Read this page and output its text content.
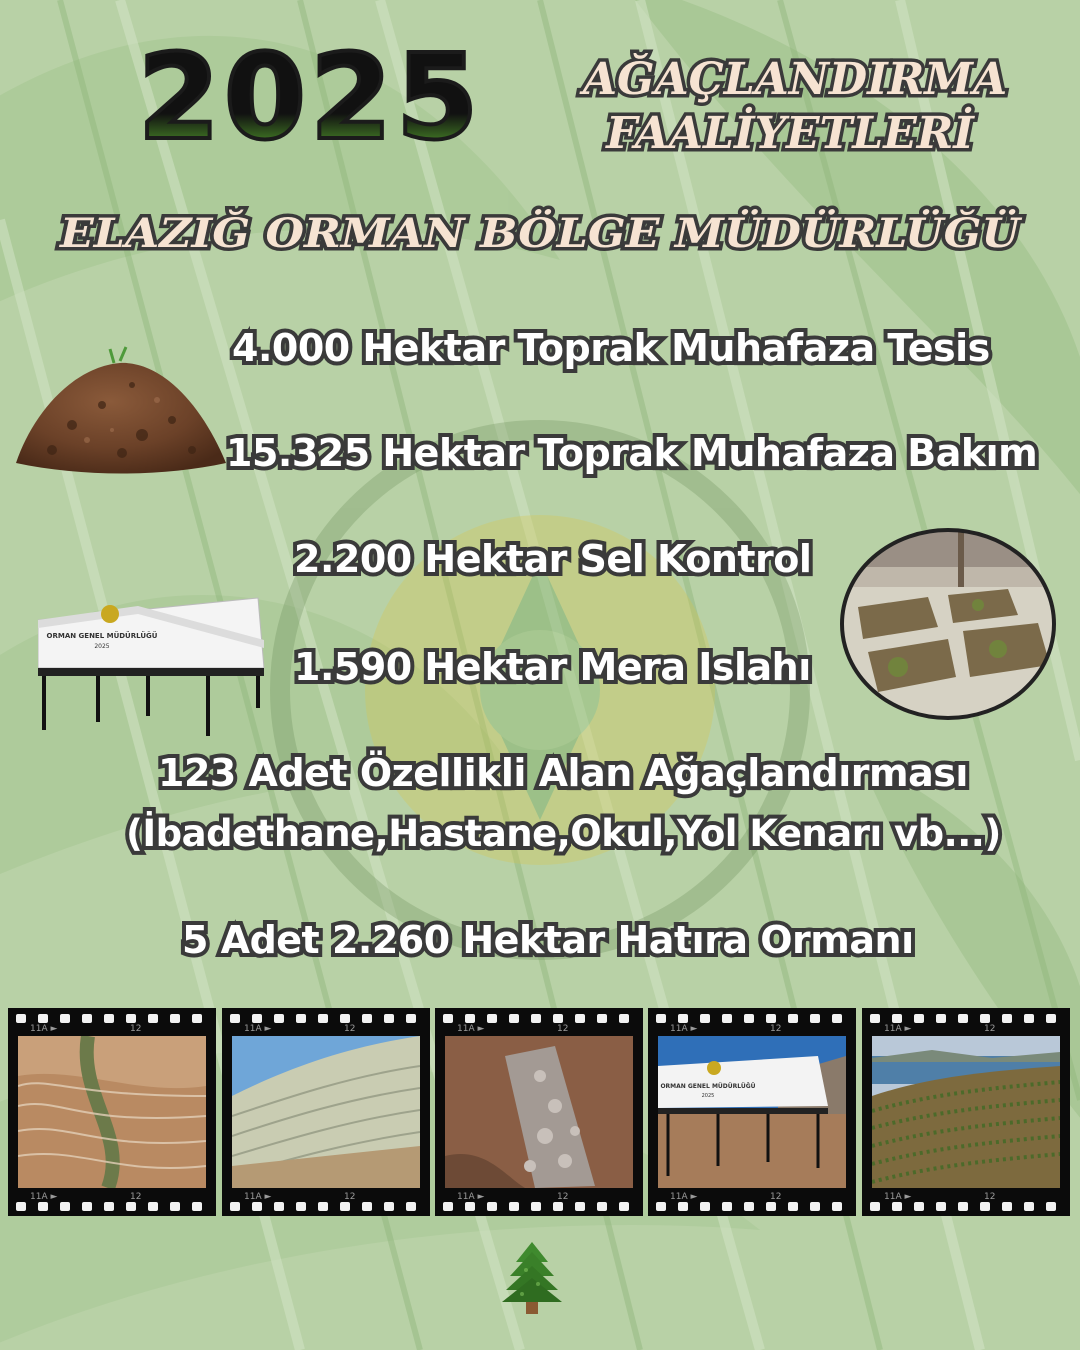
2025 AĞAÇLANDIRMA
FAALİYETLERİ
ELAZIĞ ORMAN BÖLGE MÜDÜRLÜĞÜ
4.000 Hektar Toprak Muhafaza Tesis
15.325 Hektar Toprak Muhafaza Bakım
2.200 Hektar Sel Kontrol
1.590 Hektar Mera Islahı
123 Adet Özellikli Alan Ağaçlandırması
(İbadethane,Hastane,Okul,Yol Kenarı vb...)
5 Adet 2.260 Hektar Hatıra Ormanı
ORMAN GENEL MÜDÜRLÜĞÜ
2025
11A ►	12
11A ►	12
11A ►	12
11A ►	12
11A ►	12
11A ►	12
11A ►	12
ORMAN GENEL MÜDÜRLÜĞÜ
2025
11A ►	12
11A ►	12
11A ►	12
